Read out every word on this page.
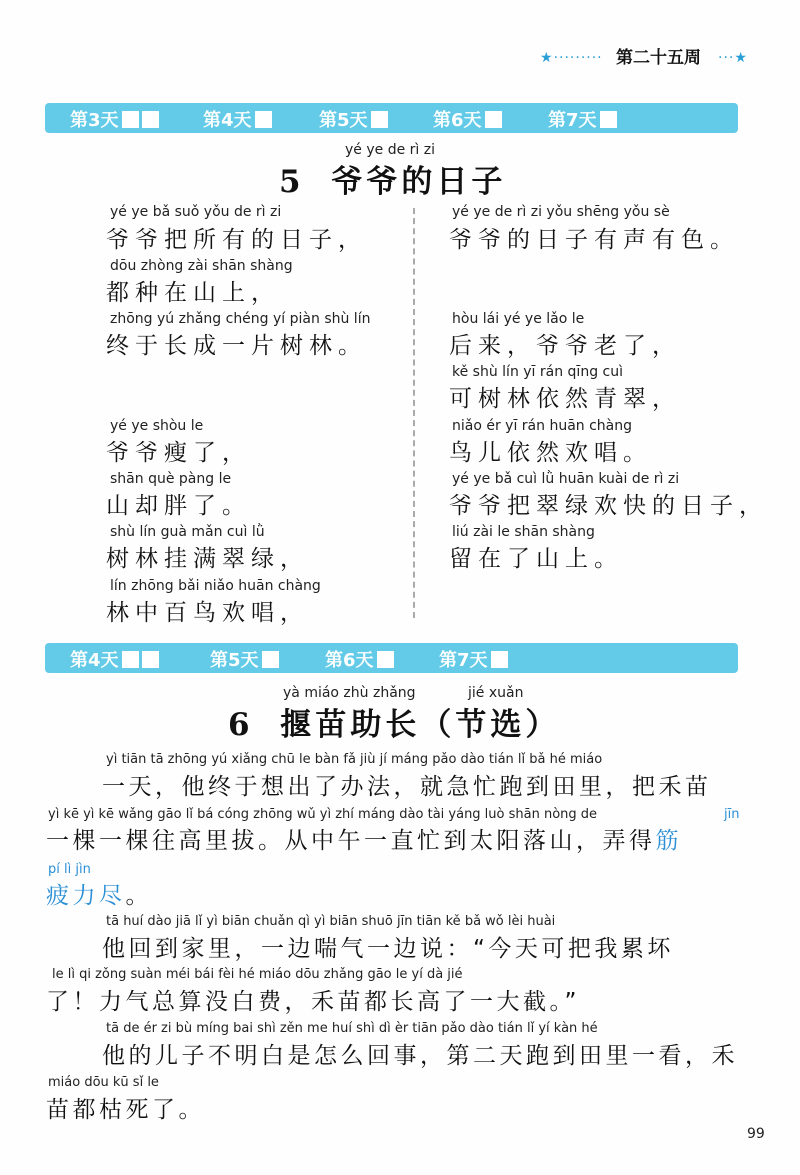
★········· 第二十五周 ···★
第3天	第4天	第5天	第6天	第7天
yé ye de rì zi
5 爷爷的日子
yé ye bǎ suǒ yǒu de rì zi
爷爷把所有的日子，
dōu zhòng zài shān shàng
都种在山上，
zhōng yú zhǎng chéng yí piàn shù lín
终于长成一片树林。
yé ye shòu le
爷爷瘦了，
shān què pàng le
山却胖了。
shù lín guà mǎn cuì lǜ
树林挂满翠绿，
lín zhōng bǎi niǎo huān chàng
林中百鸟欢唱，
yé ye de rì zi yǒu shēng yǒu sè
爷爷的日子有声有色。
hòu lái yé ye lǎo le
后来，爷爷老了，
kě shù lín yī rán qīng cuì
可树林依然青翠，
niǎo ér yī rán huān chàng
鸟儿依然欢唱。
yé ye bǎ cuì lǜ huān kuài de rì zi
爷爷把翠绿欢快的日子，
liú zài le shān shàng
留在了山上。
第4天	第5天	第6天	第7天
yà miáo zhù zhǎng	jié xuǎn
6 揠苗助长（节选）
yì tiān tā zhōng yú xiǎng chū le bàn fǎ jiù jí máng pǎo dào tián lǐ bǎ hé miáo
一天，他终于想出了办法，就急忙跑到田里，把禾苗
yì kē yì kē wǎng gāo lǐ bá cóng zhōng wǔ yì zhí máng dào tài yáng luò shān nòng de	jīn
一棵一棵往高里拔。从中午一直忙到太阳落山，弄得筋
pí lì jìn
疲力尽。
tā huí dào jiā lǐ yì biān chuǎn qì yì biān shuō jīn tiān kě bǎ wǒ lèi huài
他回到家里，一边喘气一边说：“今天可把我累坏
le lì qi zǒng suàn méi bái fèi hé miáo dōu zhǎng gāo le yí dà jié
了！力气总算没白费，禾苗都长高了一大截。”
tā de ér zi bù míng bai shì zěn me huí shì dì èr tiān pǎo dào tián lǐ yí kàn hé
他的儿子不明白是怎么回事，第二天跑到田里一看，禾
miáo dōu kū sǐ le
苗都枯死了。
99
